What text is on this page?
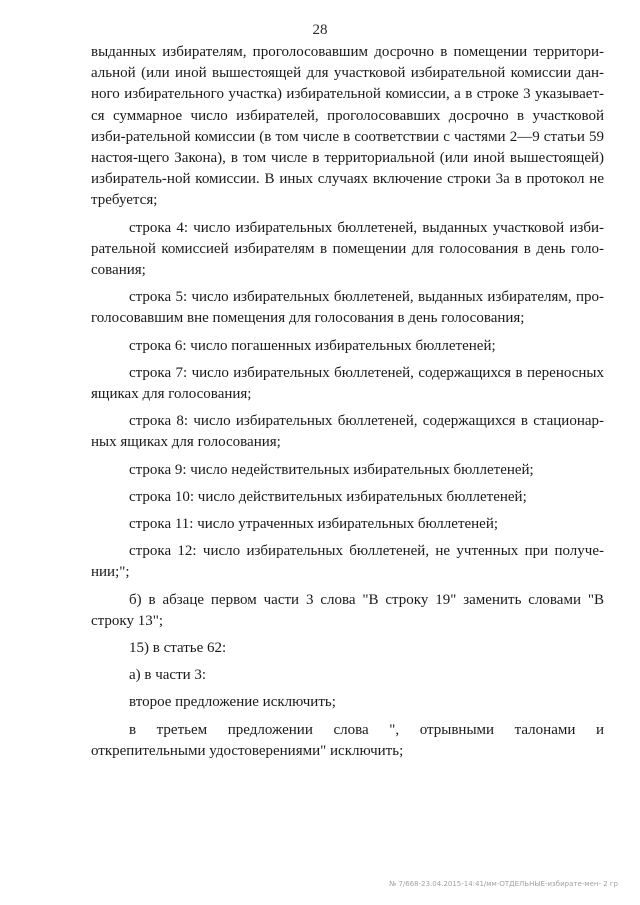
28

выданных избирателям, проголосовавшим досрочно в помещении территори-альной (или иной вышестоящей для участковой избирательной комиссии дан-ного избирательного участка) избирательной комиссии, а в строке 3 указывает-ся суммарное число избирателей, проголосовавших досрочно в участковой изби-рательной комиссии (в том числе в соответствии с частями 2—9 статьи 59 настоя-щего Закона), в том числе в территориальной (или иной вышестоящей) избиратель-ной комиссии. В иных случаях включение строки 3а в протокол не требуется;

строка 4: число избирательных бюллетеней, выданных участковой изби-рательной комиссией избирателям в помещении для голосования в день голо-сования;

строка 5: число избирательных бюллетеней, выданных избирателям, про-голосовавшим вне помещения для голосования в день голосования;

строка 6: число погашенных избирательных бюллетеней;

строка 7: число избирательных бюллетеней, содержащихся в переносных ящиках для голосования;

строка 8: число избирательных бюллетеней, содержащихся в стационар-ных ящиках для голосования;

строка 9: число недействительных избирательных бюллетеней;

строка 10: число действительных избирательных бюллетеней;

строка 11: число утраченных избирательных бюллетеней;

строка 12: число избирательных бюллетеней, не учтенных при получе-нии;";

б) в абзаце первом части 3 слова "В строку 19" заменить словами "В строку 13";

15) в статье 62:

а) в части 3:

второе предложение исключить;

в третьем предложении слова ", отрывными талонами и открепительными удостоверениями" исключить;

№ 7/668-23.04.2015-14:41/мм-ОТДЕЛЬНЫЕ-избирате-мен- 2 гр
